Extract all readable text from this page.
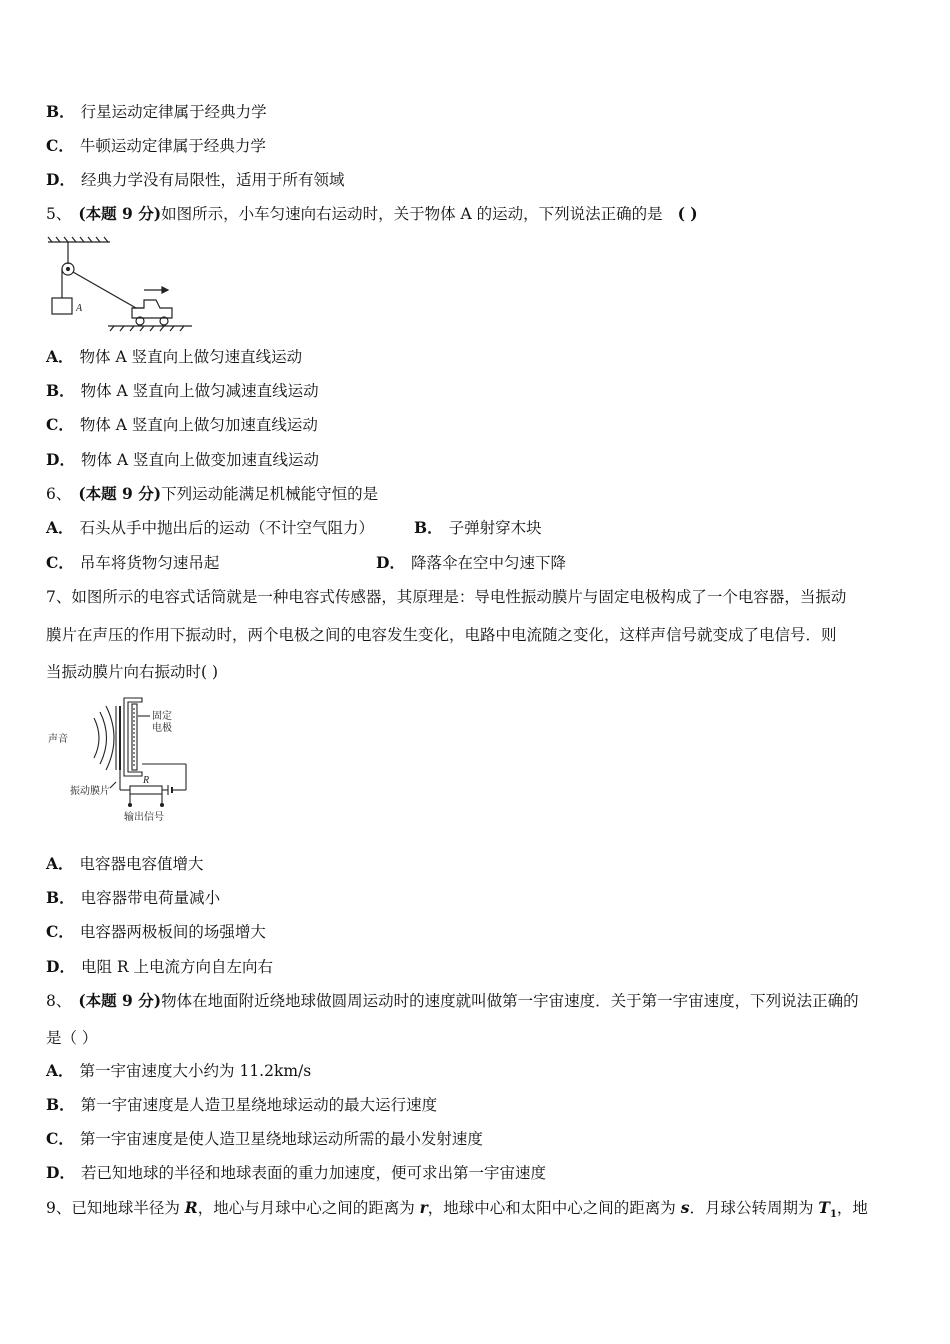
B． 行星运动定律属于经典力学
C． 牛顿运动定律属于经典力学
D． 经典力学没有局限性，适用于所有领域
5、 (本题 9 分)如图所示，小车匀速向右运动时，关于物体 A 的运动，下列说法正确的是 ( )
A
A． 物体 A 竖直向上做匀速直线运动
B． 物体 A 竖直向上做匀减速直线运动
C． 物体 A 竖直向上做匀加速直线运动
D． 物体 A 竖直向上做变加速直线运动
6、 (本题 9 分)下列运动能满足机械能守恒的是
A． 石头从手中抛出后的运动（不计空气阻力）	B． 子弹射穿木块
C． 吊车将货物匀速吊起	D． 降落伞在空中匀速下降
7、如图所示的电容式话筒就是一种电容式传感器，其原理是：导电性振动膜片与固定电极构成了一个电容器，当振动
膜片在声压的作用下振动时，两个电极之间的电容发生变化，电路中电流随之变化，这样声信号就变成了电信号．则
当振动膜片向右振动时( )
声音
固定
电极
振动膜片
R
输出信号
A． 电容器电容值增大
B． 电容器带电荷量减小
C． 电容器两极板间的场强增大
D． 电阻 R 上电流方向自左向右
8、 (本题 9 分)物体在地面附近绕地球做圆周运动时的速度就叫做第一宇宙速度．关于第一宇宙速度，下列说法正确的
是（ ）
A． 第一宇宙速度大小约为 11.2km/s
B． 第一宇宙速度是人造卫星绕地球运动的最大运行速度
C． 第一宇宙速度是使人造卫星绕地球运动所需的最小发射速度
D． 若已知地球的半径和地球表面的重力加速度，便可求出第一宇宙速度
9、已知地球半径为 R，地心与月球中心之间的距离为 r，地球中心和太阳中心之间的距离为 s．月球公转周期为 $T_1$，地
